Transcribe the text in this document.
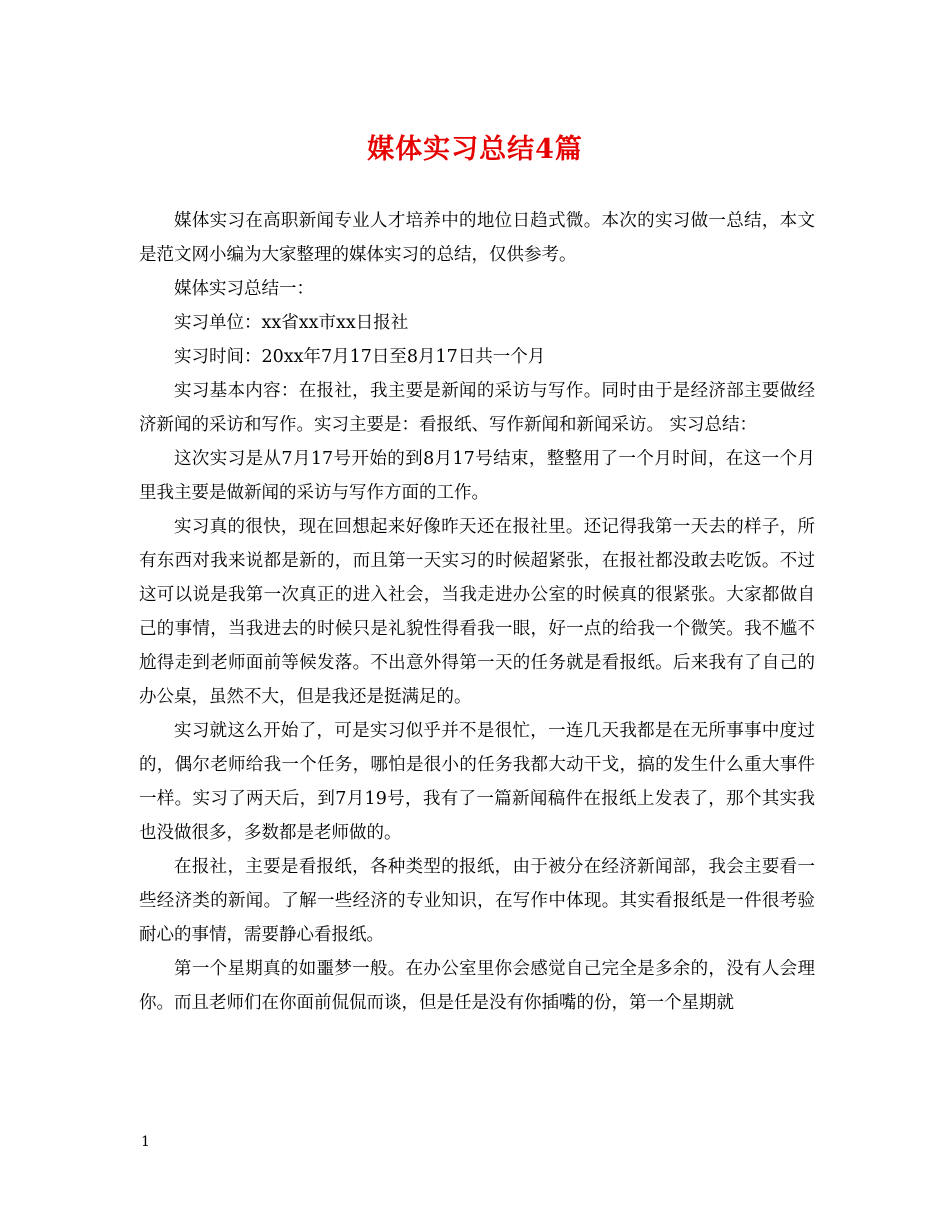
媒体实习总结4篇

媒体实习在高职新闻专业人才培养中的地位日趋式微。本次的实习做一总结，本文是范文网小编为大家整理的媒体实习的总结，仅供参考。

媒体实习总结一：

实习单位：xx省xx市xx日报社

实习时间：20xx年7月17日至8月17日共一个月

实习基本内容：在报社，我主要是新闻的采访与写作。同时由于是经济部主要做经济新闻的采访和写作。实习主要是：看报纸、写作新闻和新闻采访。 实习总结：

这次实习是从7月17号开始的到8月17号结束，整整用了一个月时间，在这一个月里我主要是做新闻的采访与写作方面的工作。

实习真的很快，现在回想起来好像昨天还在报社里。还记得我第一天去的样子，所有东西对我来说都是新的，而且第一天实习的时候超紧张，在报社都没敢去吃饭。不过这可以说是我第一次真正的进入社会，当我走进办公室的时候真的很紧张。大家都做自己的事情，当我进去的时候只是礼貌性得看我一眼，好一点的给我一个微笑。我不尴不尬得走到老师面前等候发落。不出意外得第一天的任务就是看报纸。后来我有了自己的办公桌，虽然不大，但是我还是挺满足的。

实习就这么开始了，可是实习似乎并不是很忙，一连几天我都是在无所事事中度过的，偶尔老师给我一个任务，哪怕是很小的任务我都大动干戈，搞的发生什么重大事件一样。实习了两天后，到7月19号，我有了一篇新闻稿件在报纸上发表了，那个其实我也没做很多，多数都是老师做的。

在报社，主要是看报纸，各种类型的报纸，由于被分在经济新闻部，我会主要看一些经济类的新闻。了解一些经济的专业知识，在写作中体现。其实看报纸是一件很考验耐心的事情，需要静心看报纸。

第一个星期真的如噩梦一般。在办公室里你会感觉自己完全是多余的，没有人会理你。而且老师们在你面前侃侃而谈，但是任是没有你插嘴的份，第一个星期就

1
